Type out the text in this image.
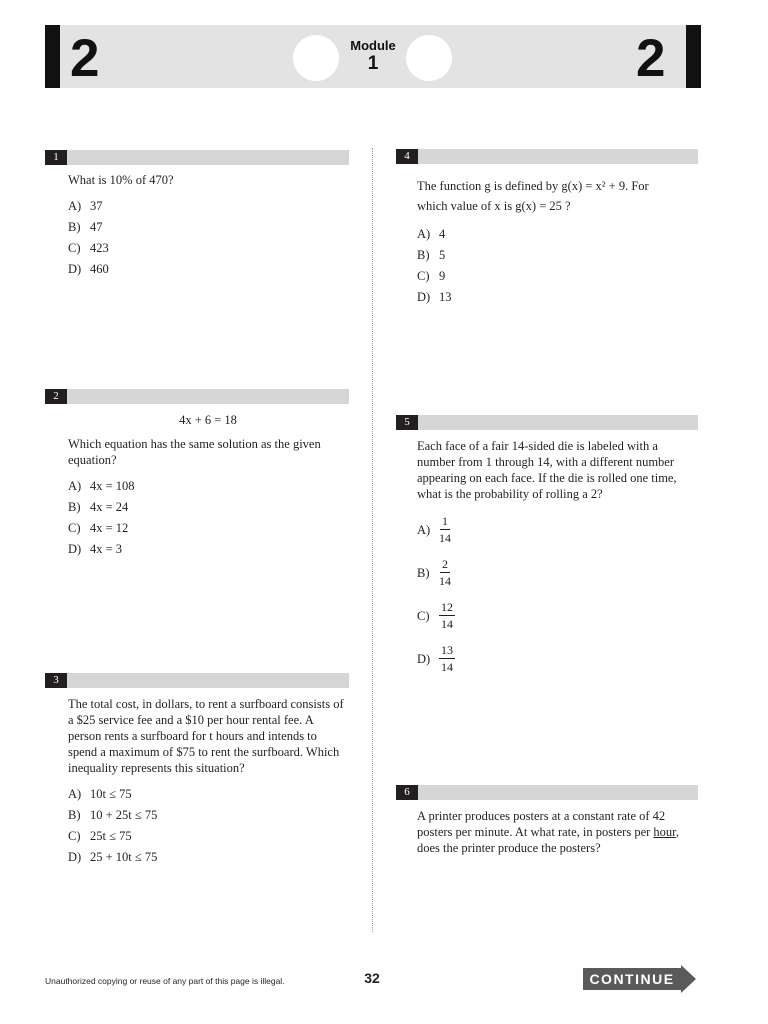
2	2
Module
1
1
What is 10% of 470?
A) 37
B) 47
C) 423
D) 460
2
4x + 6 = 18
Which equation has the same solution as the given equation?
A) 4x = 108
B) 4x = 24
C) 4x = 12
D) 4x = 3
3
The total cost, in dollars, to rent a surfboard consists of a $25 service fee and a $10 per hour rental fee. A person rents a surfboard for t hours and intends to spend a maximum of $75 to rent the surfboard. Which inequality represents this situation?
A) 10t ≤ 75
B) 10 + 25t ≤ 75
C) 25t ≤ 75
D) 25 + 10t ≤ 75
4
The function g is defined by g(x) = x² + 9. For
which value of x is g(x) = 25 ?
A) 4
B) 5
C) 9
D) 13
5
Each face of a fair 14-sided die is labeled with a number from 1 through 14, with a different number appearing on each face. If the die is rolled one time, what is the probability of rolling a 2?
$A) \frac{1}{14}$
$B) \frac{2}{14}$
$C) \frac{12}{14}$
$D) \frac{13}{14}$
6
A printer produces posters at a constant rate of 42 posters per minute. At what rate, in posters per hour, does the printer produce the posters?
Unauthorized copying or reuse of any part of this page is illegal.	32	CONTINUE
